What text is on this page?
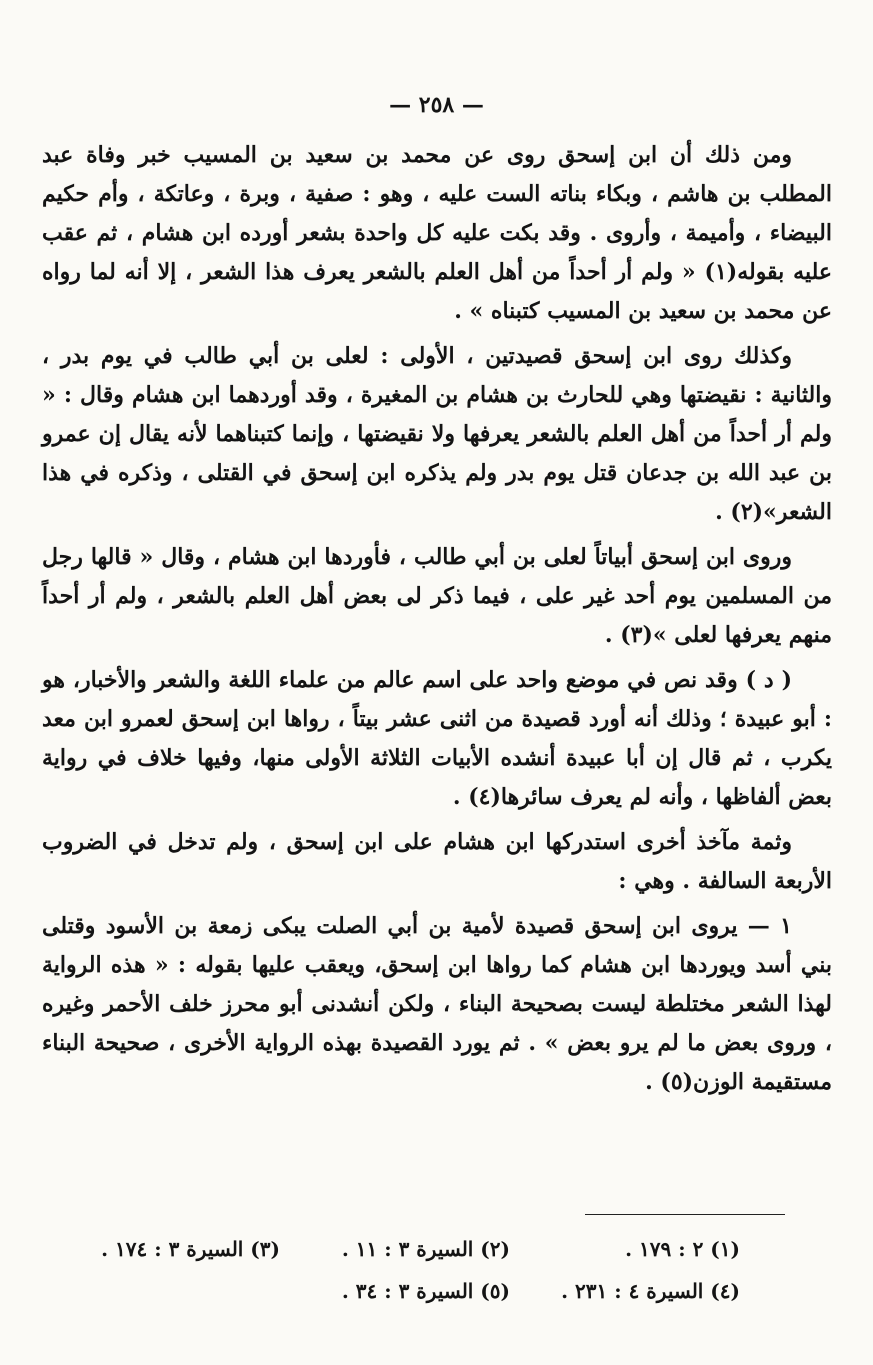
— ٢٥٨ —

ومن ذلك أن ابن إسحق روى عن محمد بن سعيد بن المسيب خبر وفاة عبد المطلب بن هاشم ، وبكاء بناته الست عليه ، وهو : صفية ، وبرة ، وعاتكة ، وأم حكيم البيضاء ، وأميمة ، وأروى . وقد بكت عليه كل واحدة بشعر أورده ابن هشام ، ثم عقب عليه بقوله(١) « ولم أر أحداً من أهل العلم بالشعر يعرف هذا الشعر ، إلا أنه لما رواه عن محمد بن سعيد بن المسيب كتبناه » .

وكذلك روى ابن إسحق قصيدتين ، الأولى : لعلى بن أبي طالب في يوم بدر ، والثانية : نقيضتها وهي للحارث بن هشام بن المغيرة ، وقد أوردهما ابن هشام وقال : « ولم أر أحداً من أهل العلم بالشعر يعرفها ولا نقيضتها ، وإنما كتبناهما لأنه يقال إن عمرو بن عبد الله بن جدعان قتل يوم بدر ولم يذكره ابن إسحق في القتلى ، وذكره في هذا الشعر»(٢) .

وروى ابن إسحق أبياتاً لعلى بن أبي طالب ، فأوردها ابن هشام ، وقال « قالها رجل من المسلمين يوم أحد غير على ، فيما ذكر لى بعض أهل العلم بالشعر ، ولم أر أحداً منهم يعرفها لعلى »(٣) .

( د ) وقد نص في موضع واحد على اسم عالم من علماء اللغة والشعر والأخبار، هو : أبو عبيدة ؛ وذلك أنه أورد قصيدة من اثنى عشر بيتاً ، رواها ابن إسحق لعمرو ابن معد يكرب ، ثم قال إن أبا عبيدة أنشده الأبيات الثلاثة الأولى منها، وفيها خلاف في رواية بعض ألفاظها ، وأنه لم يعرف سائرها(٤) .

وثمة مآخذ أخرى استدركها ابن هشام على ابن إسحق ، ولم تدخل في الضروب الأربعة السالفة . وهي :

١ — يروى ابن إسحق قصيدة لأمية بن أبي الصلت يبكى زمعة بن الأسود وقتلى بني أسد ويوردها ابن هشام كما رواها ابن إسحق، ويعقب عليها بقوله : « هذه الرواية لهذا الشعر مختلطة ليست بصحيحة البناء ، ولكن أنشدنى أبو محرز خلف الأحمر وغيره ، وروى بعض ما لم يرو بعض » . ثم يورد القصيدة بهذه الرواية الأخرى ، صحيحة البناء مستقيمة الوزن(٥) .

(١) ٢ : ١٧٩ .
(٢) السيرة ٣ : ١١ .
(٣) السيرة ٣ : ١٧٤ .
(٤) السيرة ٤ : ٢٣١ .
(٥) السيرة ٣ : ٣٤ .
